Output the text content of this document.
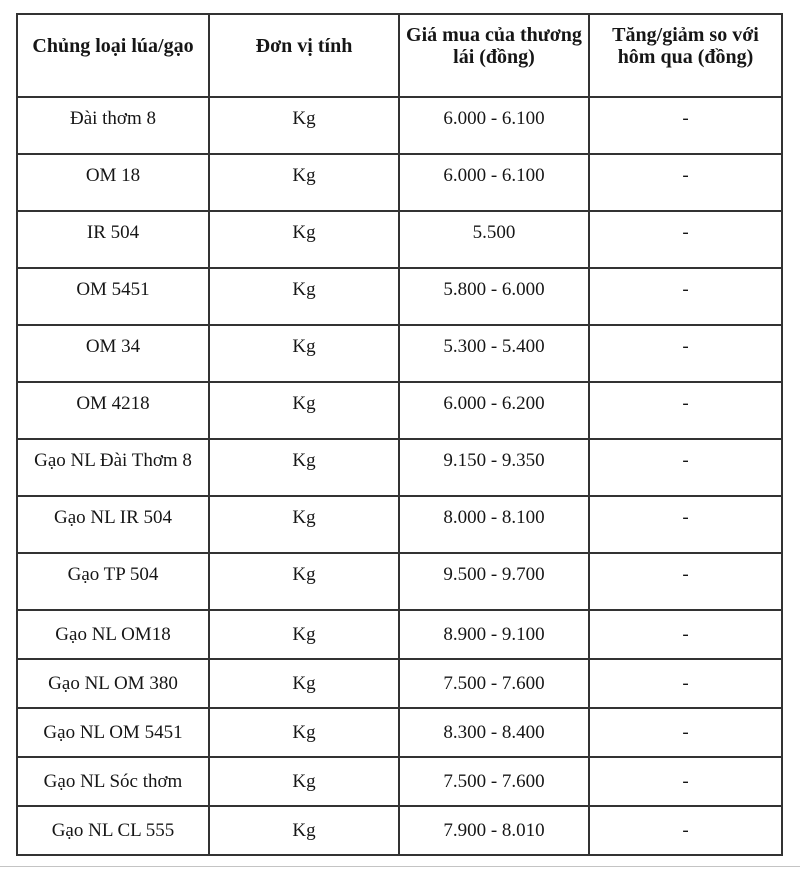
Chủng loại lúa/gạo	Đơn vị tính	Giá mua của thương lái (đồng)	Tăng/giảm so với hôm qua (đồng)
Đài thơm 8	Kg	6.000 - 6.100	-
OM 18	Kg	6.000 - 6.100	-
IR 504	Kg	5.500	-
OM 5451	Kg	5.800 - 6.000	-
OM 34	Kg	5.300 - 5.400	-
OM 4218	Kg	6.000 - 6.200	-
Gạo NL Đài Thơm 8	Kg	9.150 - 9.350	-
Gạo NL IR 504	Kg	8.000 - 8.100	-
Gạo TP 504	Kg	9.500 - 9.700	-
Gạo NL OM18	Kg	8.900 - 9.100	-
Gạo NL OM 380	Kg	7.500 - 7.600	-
Gạo NL OM 5451	Kg	8.300 - 8.400	-
Gạo NL Sóc thơm	Kg	7.500 - 7.600	-
Gạo NL CL 555	Kg	7.900 - 8.010	-
